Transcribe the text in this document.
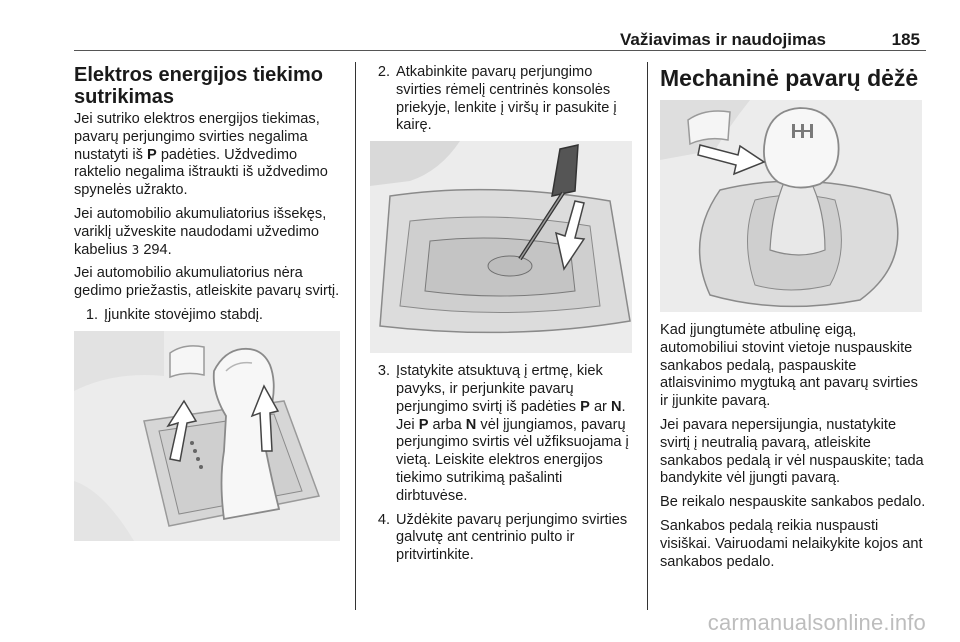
Važiavimas ir naudojimas	185
Elektros energijos tiekimo sutrikimas

Jei sutriko elektros energijos tiekimas, pavarų perjungimo svirties negalima nustatyti iš P padėties. Uždvedimo raktelio negalima ištraukti iš uždvedimo spynelės užrakto.

Jei automobilio akumuliatorius išsekęs, variklį užveskite naudodami užvedimo kabelius 3 294.

Jei automobilio akumuliatorius nėra gedimo priežastis, atleiskite pavarų svirtį.

1. Įjunkite stovėjimo stabdį.
2. Atkabinkite pavarų perjungimo svirties rėmelį centrinės konsolės priekyje, lenkite į viršų ir pasukite į kairę.
3. Įstatykite atsuktuvą į ertmę, kiek pavyks, ir perjunkite pavarų perjungimo svirtį iš padėties P ar N. Jei P arba N vėl įjungiamos, pavarų perjungimo svirtis vėl užfiksuojama į vietą. Leiskite elektros energijos tiekimo sutrikimą pašalinti dirbtuvėse.
4. Uždėkite pavarų perjungimo svirties galvutę ant centrinio pulto ir pritvirtinkite.
Mechaninė pavarų dėžė

Kad įjungtumėte atbulinę eigą, automobiliui stovint vietoje nuspauskite sankabos pedalą, paspauskite atlaisvinimo mygtuką ant pavarų svirties ir įjunkite pavarą.

Jei pavara nepersijungia, nustatykite svirtį į neutralią pavarą, atleiskite sankabos pedalą ir vėl nuspauskite; tada bandykite vėl įjungti pavarą.

Be reikalo nespauskite sankabos pedalo.

Sankabos pedalą reikia nuspausti visiškai. Vairuodami nelaikykite kojos ant sankabos pedalo.

carmanualsonline.info
